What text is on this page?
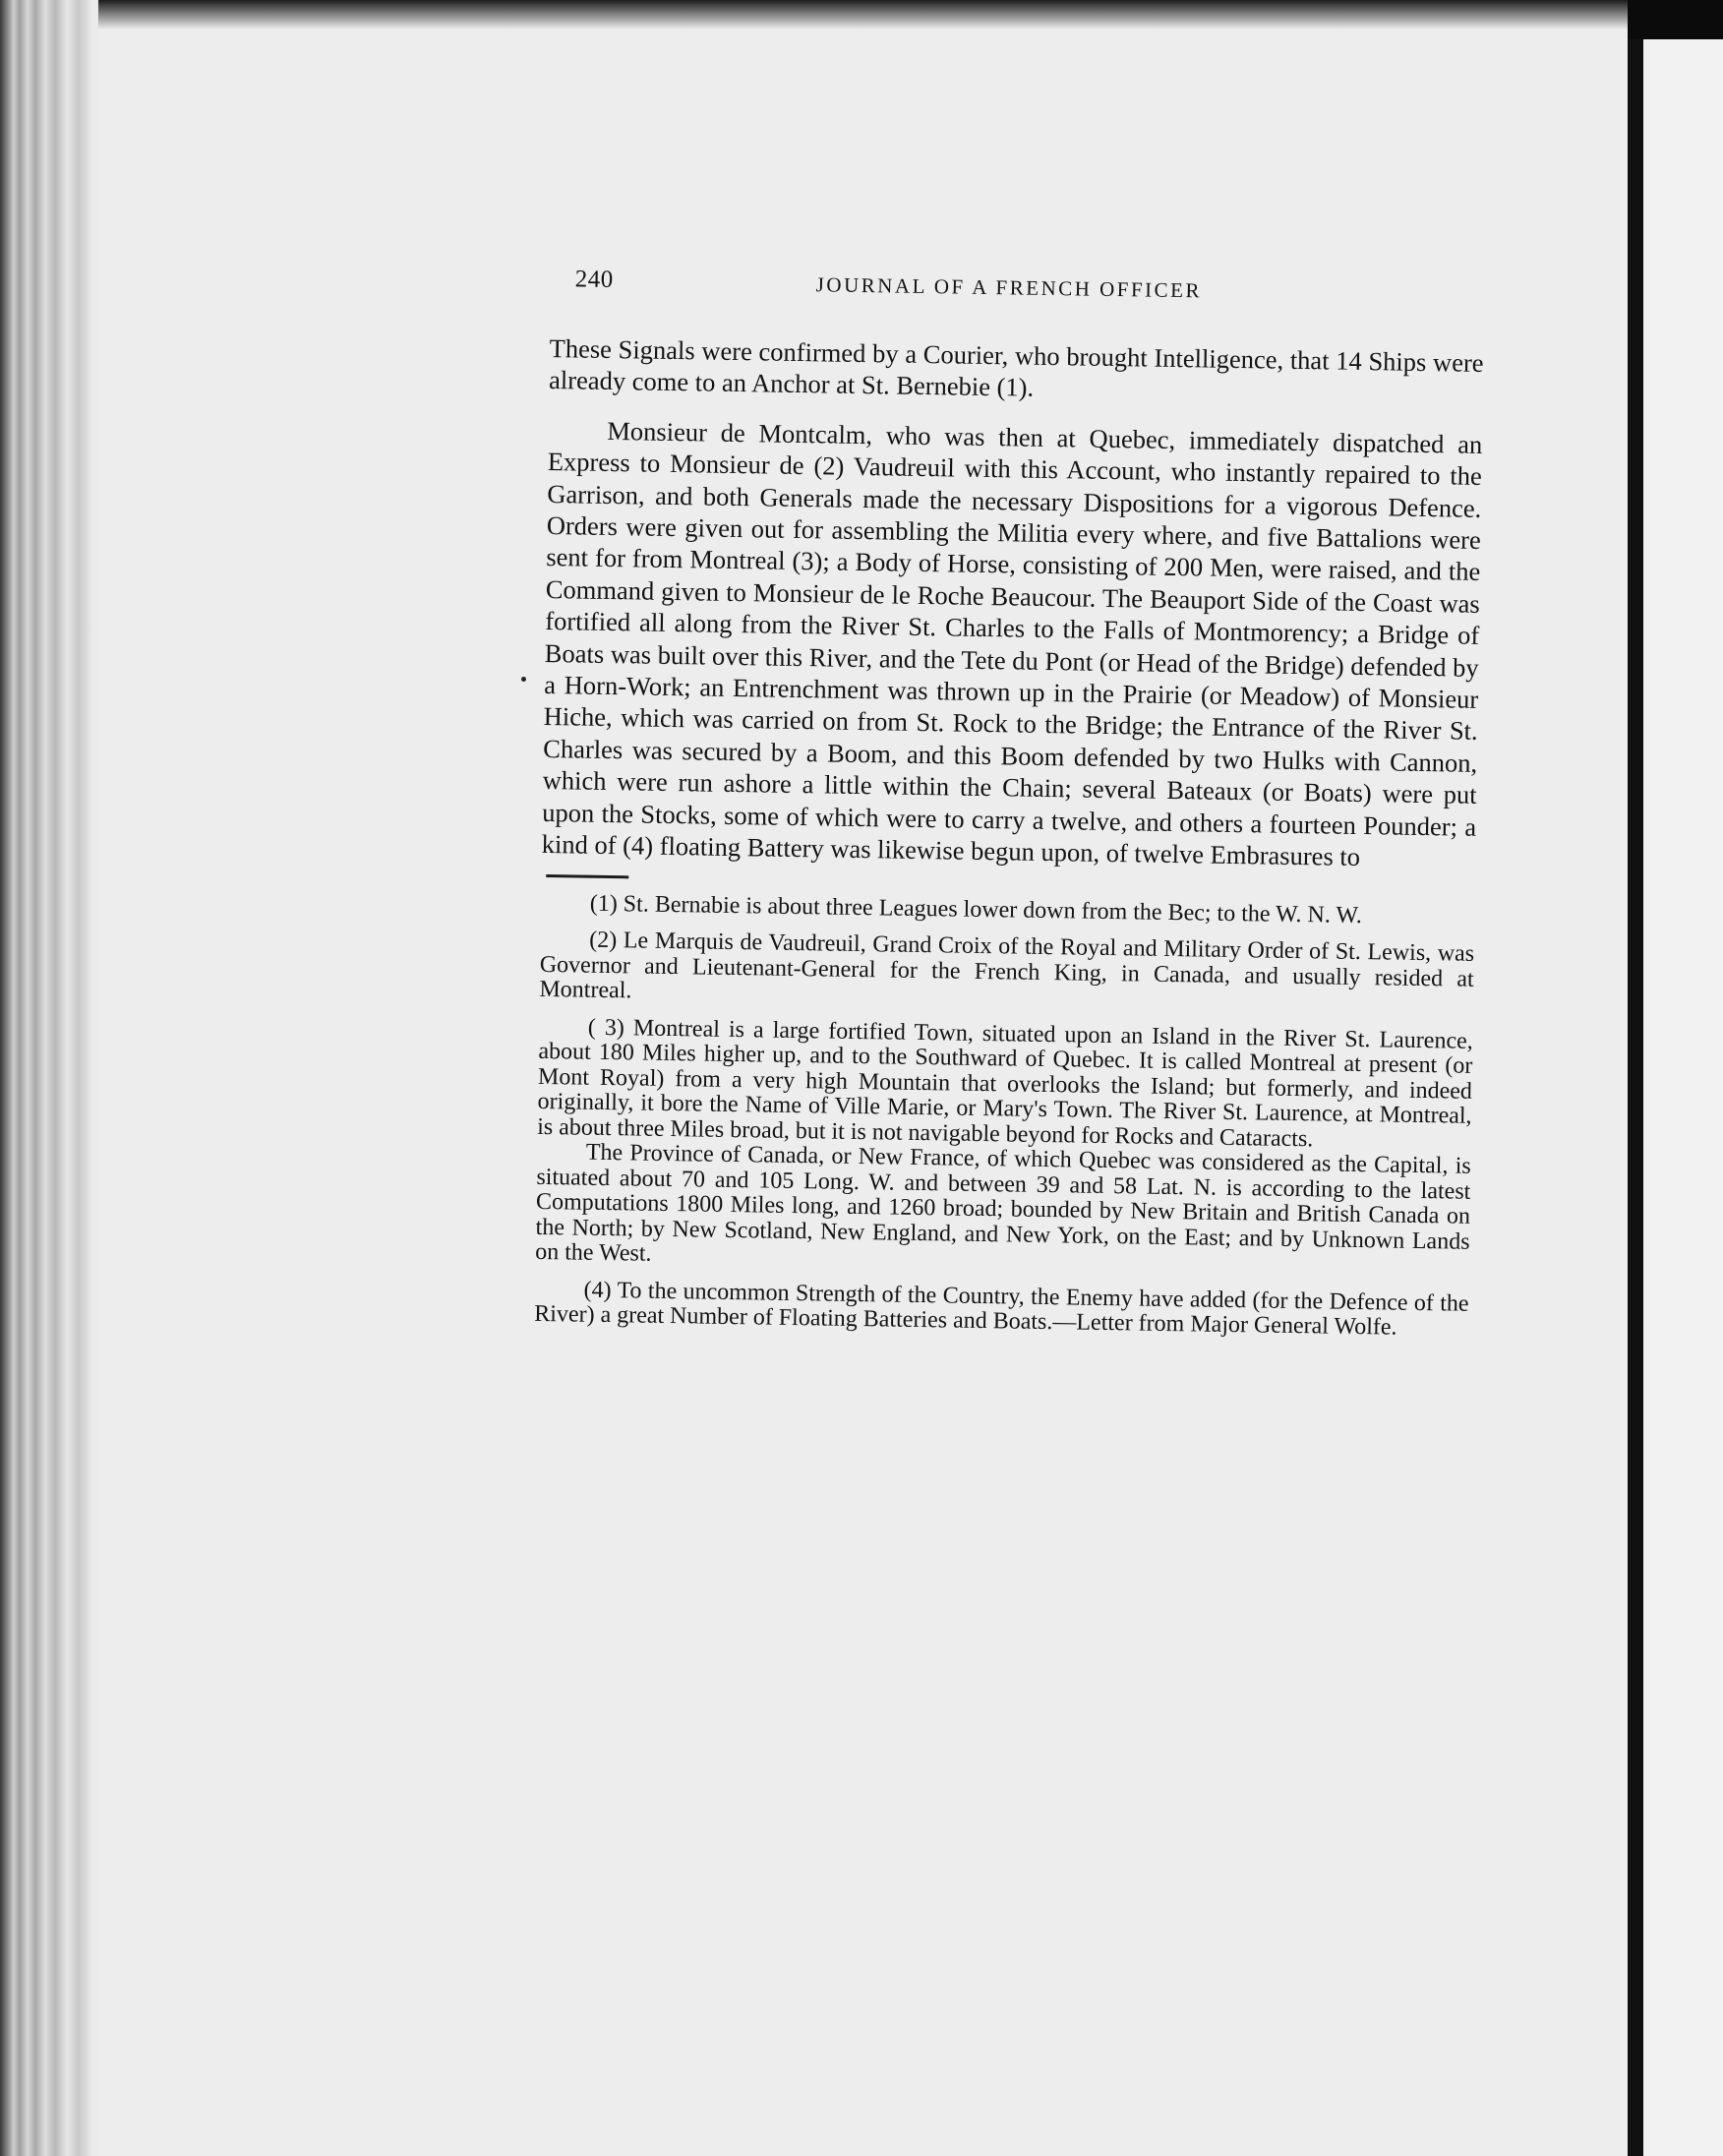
240	JOURNAL OF A FRENCH OFFICER

These Signals were confirmed by a Courier, who brought Intelligence, that 14 Ships were already come to an Anchor at St. Bernebie (1).

Monsieur de Montcalm, who was then at Quebec, immediately dispatched an Express to Monsieur de (2) Vaudreuil with this Account, who instantly repaired to the Garrison, and both Generals made the necessary Dispositions for a vigorous Defence. Orders were given out for assembling the Militia every where, and five Battalions were sent for from Montreal (3); a Body of Horse, consisting of 200 Men, were raised, and the Command given to Monsieur de le Roche Beaucour. The Beauport Side of the Coast was fortified all along from the River St. Charles to the Falls of Montmorency; a Bridge of Boats was built over this River, and the Tete du Pont (or Head of the Bridge) defended by a Horn-Work; an Entrenchment was thrown up in the Prairie (or Meadow) of Monsieur Hiche, which was carried on from St. Rock to the Bridge; the Entrance of the River St. Charles was secured by a Boom, and this Boom defended by two Hulks with Cannon, which were run ashore a little within the Chain; several Bateaux (or Boats) were put upon the Stocks, some of which were to carry a twelve, and others a fourteen Pounder; a kind of (4) floating Battery was likewise begun upon, of twelve Embrasures to

(1) St. Bernabie is about three Leagues lower down from the Bec; to the W. N. W.

(2) Le Marquis de Vaudreuil, Grand Croix of the Royal and Military Order of St. Lewis, was Governor and Lieutenant-General for the French King, in Canada, and usually resided at Montreal.

( 3) Montreal is a large fortified Town, situated upon an Island in the River St. Laurence, about 180 Miles higher up, and to the Southward of Quebec. It is called Montreal at present (or Mont Royal) from a very high Mountain that overlooks the Island; but formerly, and indeed originally, it bore the Name of Ville Marie, or Mary's Town. The River St. Laurence, at Montreal, is about three Miles broad, but it is not navigable beyond for Rocks and Cataracts.

The Province of Canada, or New France, of which Quebec was considered as the Capital, is situated about 70 and 105 Long. W. and between 39 and 58 Lat. N. is according to the latest Computations 1800 Miles long, and 1260 broad; bounded by New Britain and British Canada on the North; by New Scotland, New England, and New York, on the East; and by Unknown Lands on the West.

(4) To the uncommon Strength of the Country, the Enemy have added (for the Defence of the River) a great Number of Floating Batteries and Boats.—Letter from Major General Wolfe.
